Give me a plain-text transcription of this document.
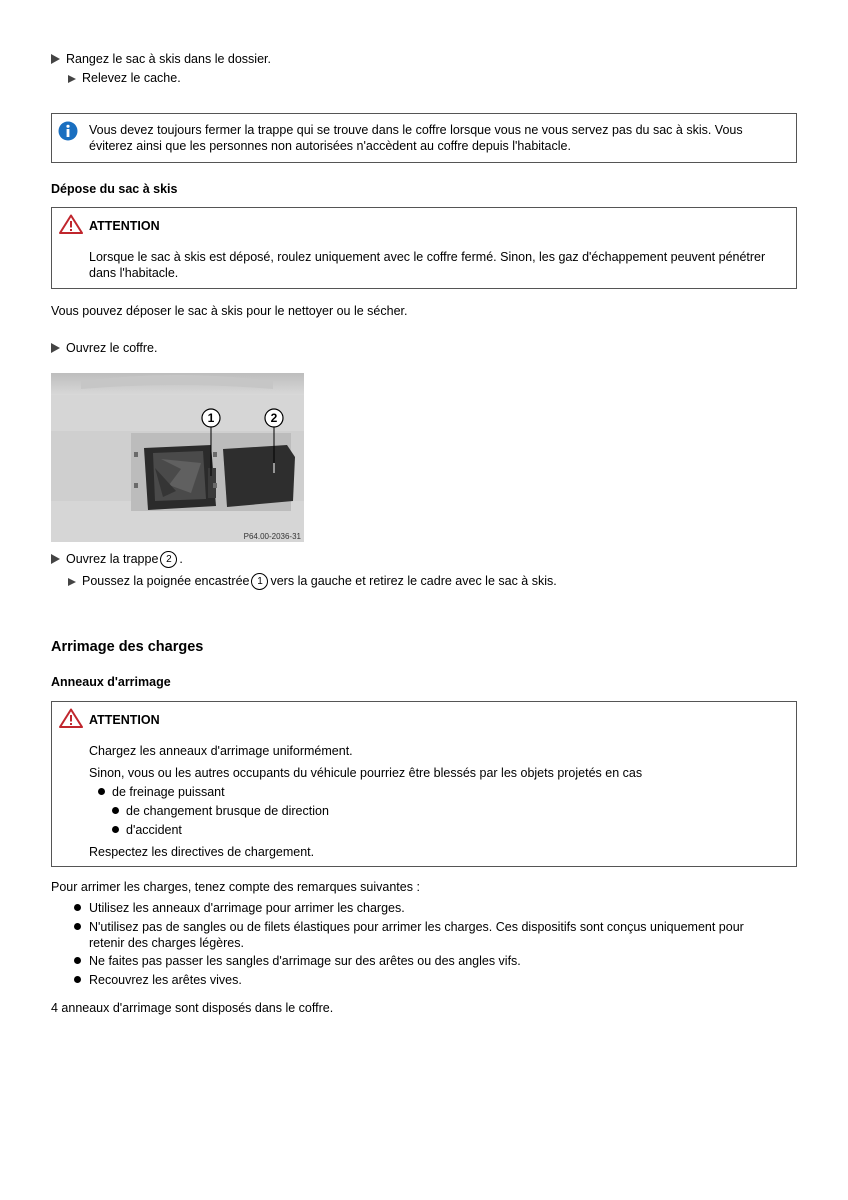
Rangez le sac à skis dans le dossier.
Relevez le cache.
Vous devez toujours fermer la trappe qui se trouve dans le coffre lorsque vous ne vous servez pas du sac à skis. Vous
éviterez ainsi que les personnes non autorisées n'accèdent au coffre depuis l'habitacle.
Dépose du sac à skis
ATTENTION
Lorsque le sac à skis est déposé, roulez uniquement avec le coffre fermé. Sinon, les gaz d'échappement peuvent pénétrer
dans l'habitacle.
Vous pouvez déposer le sac à skis pour le nettoyer ou le sécher.
Ouvrez le coffre.
1	2
P64.00-2036-31
Ouvrez la trappe 2 .
Poussez la poignée encastrée 1 vers la gauche et retirez le cadre avec le sac à skis.
Arrimage des charges
Anneaux d'arrimage
ATTENTION
Chargez les anneaux d'arrimage uniformément.
Sinon, vous ou les autres occupants du véhicule pourriez être blessés par les objets projetés en cas
de freinage puissant
de changement brusque de direction
d'accident
Respectez les directives de chargement.
Pour arrimer les charges, tenez compte des remarques suivantes :
Utilisez les anneaux d'arrimage pour arrimer les charges.
N'utilisez pas de sangles ou de filets élastiques pour arrimer les charges. Ces dispositifs sont conçus uniquement pour
retenir des charges légères.
Ne faites pas passer les sangles d'arrimage sur des arêtes ou des angles vifs.
Recouvrez les arêtes vives.
4 anneaux d'arrimage sont disposés dans le coffre.
